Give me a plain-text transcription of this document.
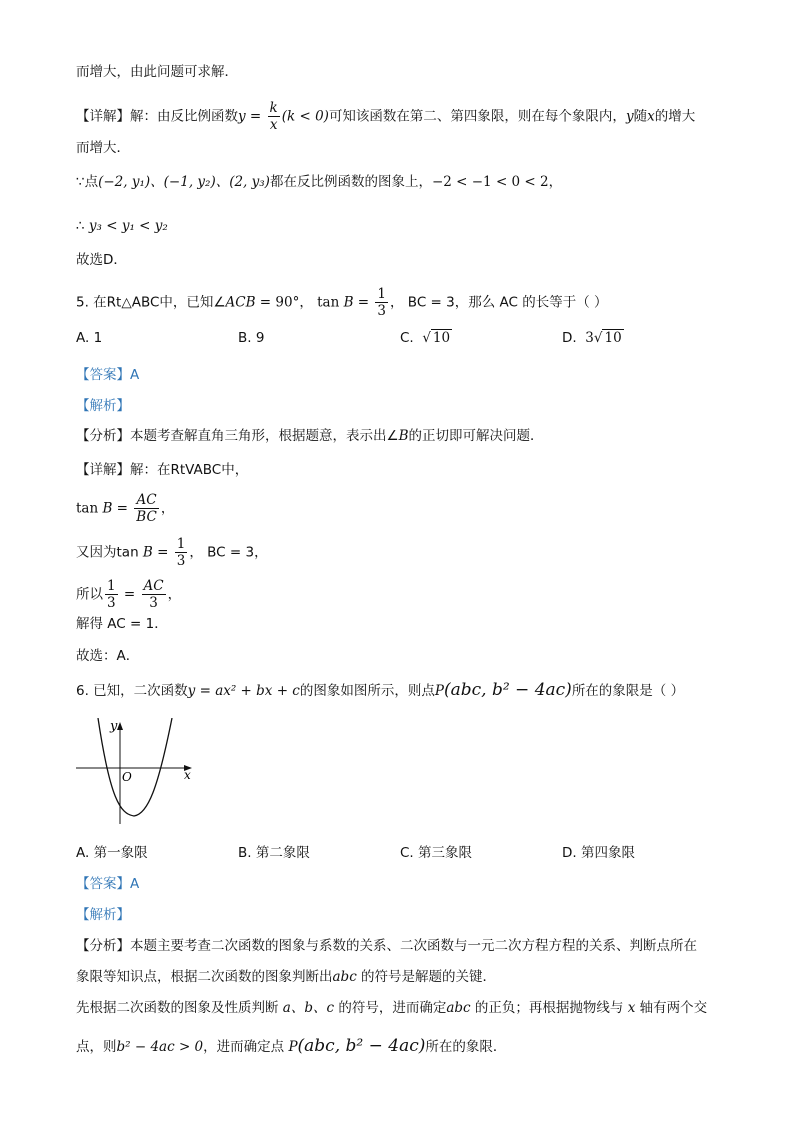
而增大，由此问题可求解．
【详解】解：由反比例函数$y = \frac{k}{x} (k < 0)$可知该函数在第二、第四象限，则在每个象限内，y随x的增大
而增大．
∵点(−2, y₁)、(−1, y₂)、(2, y₃)都在反比例函数的图象上，−2 < −1 < 0 < 2，
∴ y₃ < y₁ < y₂
故选D．
5. 在Rt△ABC中，已知∠ACB = 90°， $\tan B = \frac{1}{3}$ ， BC = 3，那么 AC 的长等于（ ）
A. 1	B. 9	C. √ 10	D. 3√ 10
【答案】A
【解析】
【分析】本题考查解直角三角形，根据题意，表示出∠B的正切即可解决问题．
【详解】解：在RtVABC中，
$\tan B = \frac{AC}{BC}$ ，
又因为$\tan B = \frac{1}{3}$ ， BC = 3，
所以 $\frac{1}{3} = \frac{AC}{3}$ ，
解得 AC = 1．
故选：A．
6. 已知，二次函数y = ax² + bx + c的图象如图所示，则点P(abc, b² − 4ac)所在的象限是（ ）
y
O	x
A. 第一象限	B. 第二象限	C. 第三象限	D. 第四象限
【答案】A
【解析】
【分析】本题主要考查二次函数的图象与系数的关系、二次函数与一元二次方程方程的关系、判断点所在
象限等知识点，根据二次函数的图象判断出abc 的符号是解题的关键．
先根据二次函数的图象及性质判断 a、b、c 的符号，进而确定abc 的正负；再根据抛物线与 x 轴有两个交
点，则b² − 4ac > 0，进而确定点 P(abc, b² − 4ac)所在的象限．
